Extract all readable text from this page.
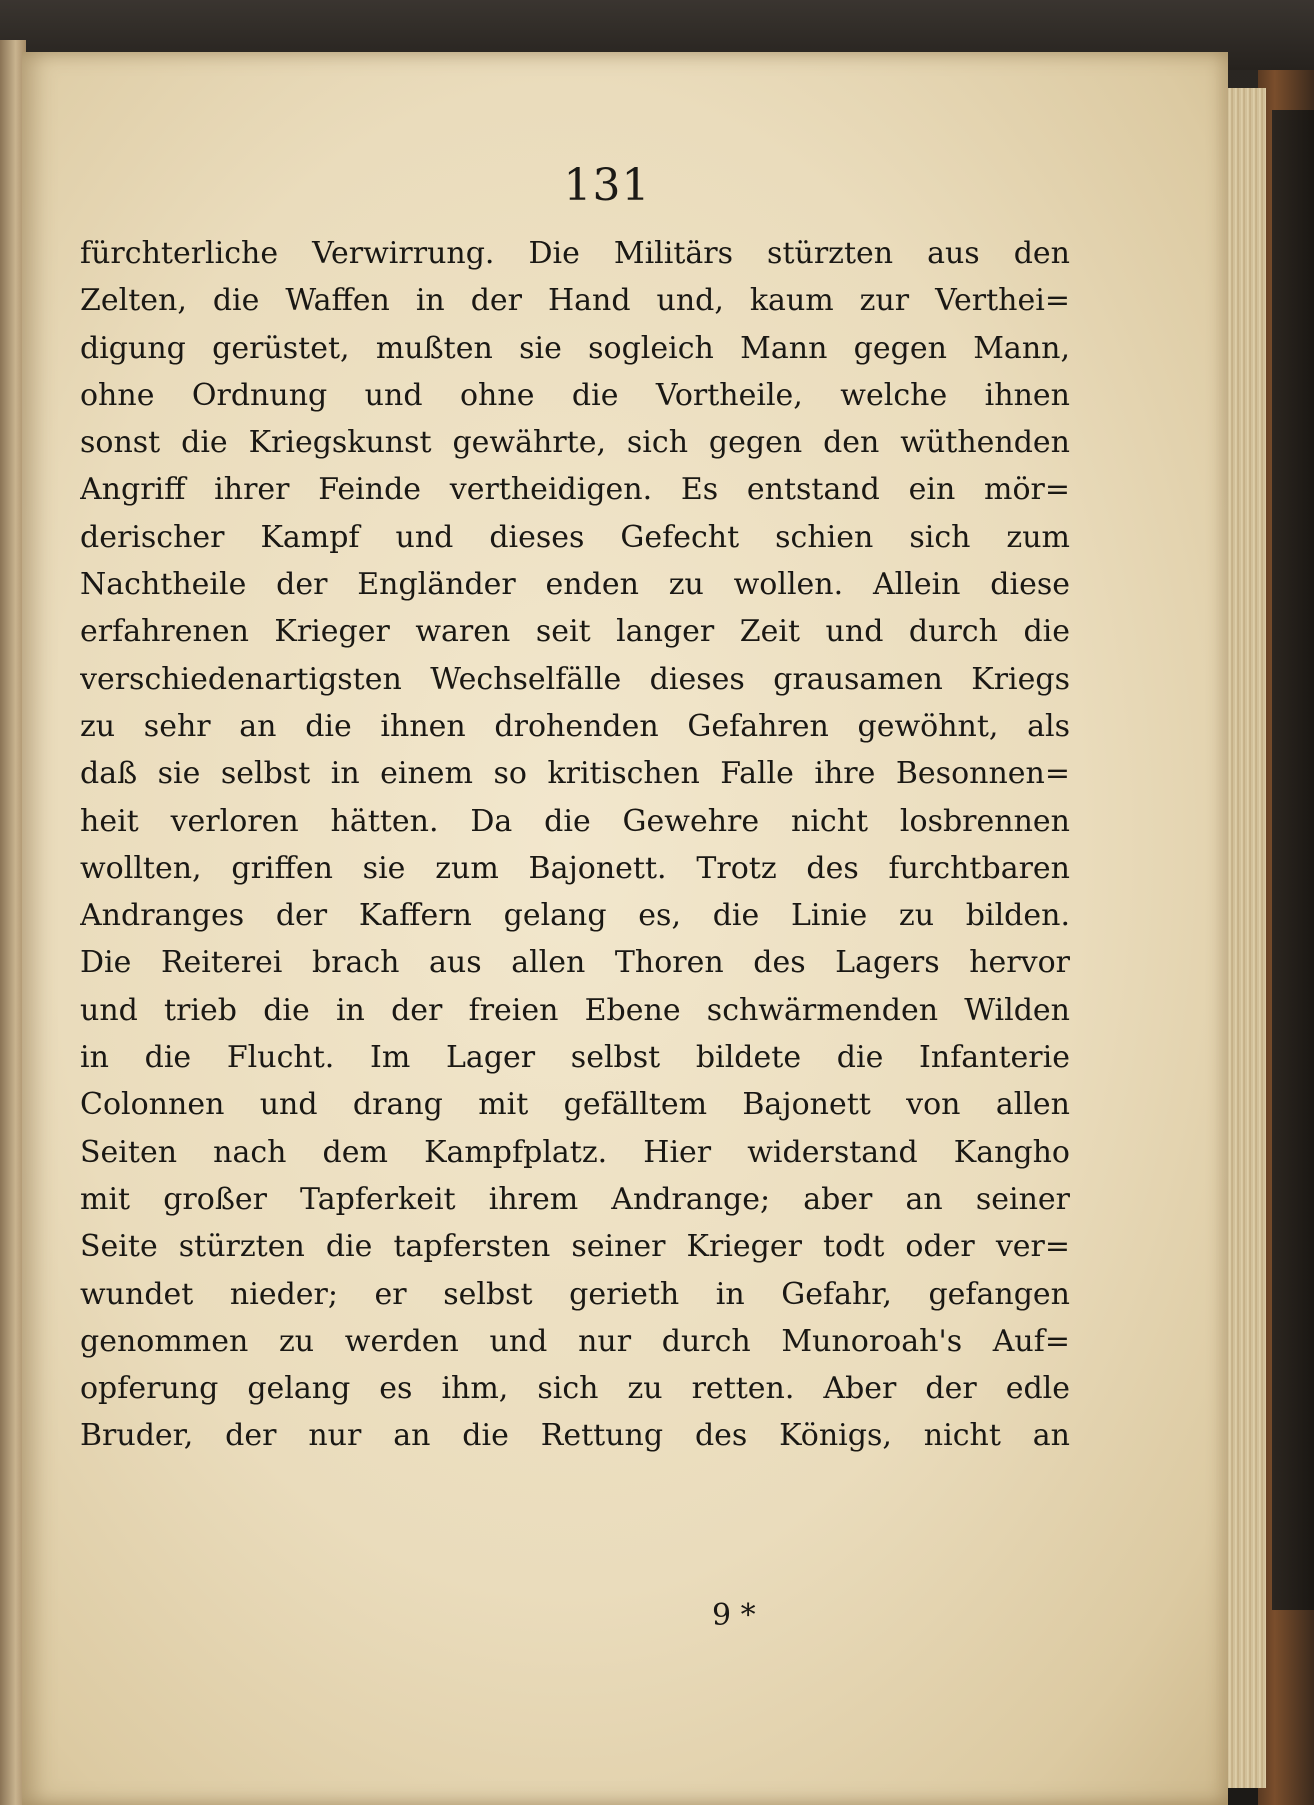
131
fürchterliche Verwirrung. Die Militärs stürzten aus den
Zelten, die Waffen in der Hand und, kaum zur Verthei=
digung gerüstet, mußten sie sogleich Mann gegen Mann,
ohne Ordnung und ohne die Vortheile, welche ihnen
sonst die Kriegskunst gewährte, sich gegen den wüthenden
Angriff ihrer Feinde vertheidigen. Es entstand ein mör=
derischer Kampf und dieses Gefecht schien sich zum
Nachtheile der Engländer enden zu wollen. Allein diese
erfahrenen Krieger waren seit langer Zeit und durch die
verschiedenartigsten Wechselfälle dieses grausamen Kriegs
zu sehr an die ihnen drohenden Gefahren gewöhnt, als
daß sie selbst in einem so kritischen Falle ihre Besonnen=
heit verloren hätten. Da die Gewehre nicht losbrennen
wollten, griffen sie zum Bajonett. Trotz des furchtbaren
Andranges der Kaffern gelang es, die Linie zu bilden.
Die Reiterei brach aus allen Thoren des Lagers hervor
und trieb die in der freien Ebene schwärmenden Wilden
in die Flucht. Im Lager selbst bildete die Infanterie
Colonnen und drang mit gefälltem Bajonett von allen
Seiten nach dem Kampfplatz. Hier widerstand Kangho
mit großer Tapferkeit ihrem Andrange; aber an seiner
Seite stürzten die tapfersten seiner Krieger todt oder ver=
wundet nieder; er selbst gerieth in Gefahr, gefangen
genommen zu werden und nur durch Munoroah's Auf=
opferung gelang es ihm, sich zu retten. Aber der edle
Bruder, der nur an die Rettung des Königs, nicht an
9 *
